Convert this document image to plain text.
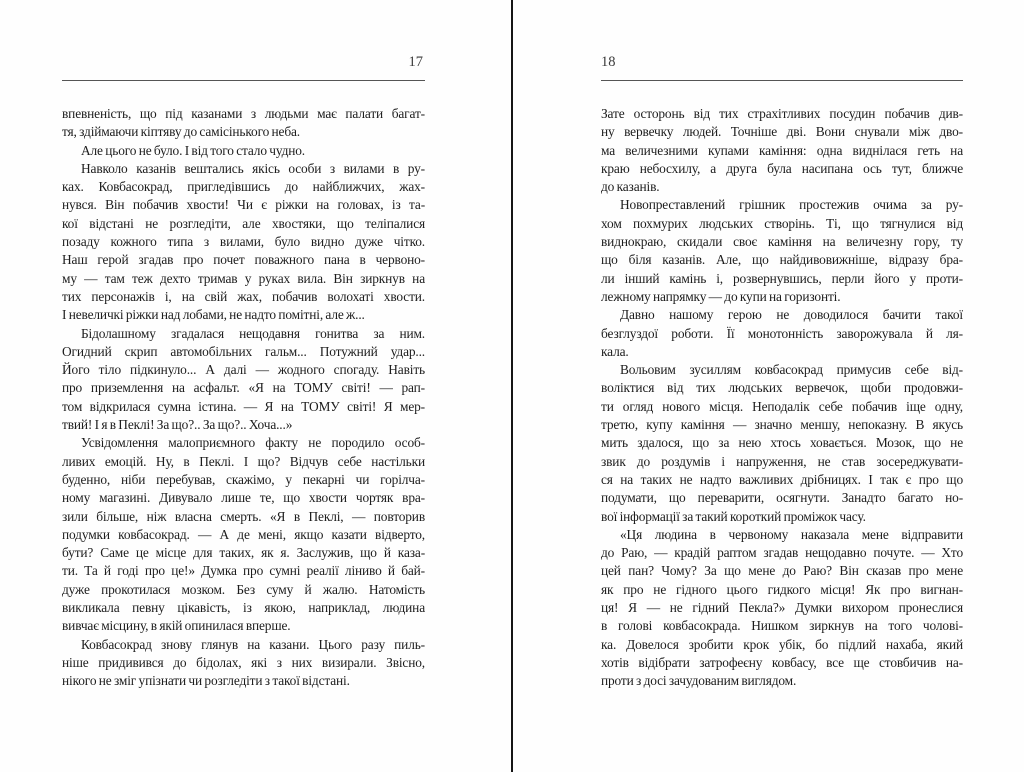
17
впевненість, що під казанами з людьми має палати багат-
тя, здіймаючи кіптяву до самісінького неба.
Але цього не було. І від того стало чудно.
Навколо казанів вештались якісь особи з вилами в ру-
ках. Ковбасокрад, пригледівшись до найближчих, жах-
нувся. Він побачив хвости! Чи є ріжки на головах, із та-
кої відстані не розгледіти, але хвостяки, що теліпалися
позаду кожного типа з вилами, було видно дуже чітко.
Наш герой згадав про почет поважного пана в червоно-
му — там теж дехто тримав у руках вила. Він зиркнув на
тих персонажів і, на свій жах, побачив волохаті хвости.
І невеличкі ріжки над лобами, не надто помітні, але ж...
Бідолашному згадалася нещодавня гонитва за ним.
Огидний скрип автомобільних гальм... Потужний удар...
Його тіло підкинуло... А далі — жодного спогаду. Навіть
про приземлення на асфальт. «Я на ТОМУ світі! — рап-
том відкрилася сумна істина. — Я на ТОМУ світі! Я мер-
твий! І я в Пеклі! За що?.. За що?.. Хоча...»
Усвідомлення малоприємного факту не породило особ-
ливих емоцій. Ну, в Пеклі. І що? Відчув себе настільки
буденно, ніби перебував, скажімо, у пекарні чи горілча-
ному магазині. Дивувало лише те, що хвости чортяк вра-
зили більше, ніж власна смерть. «Я в Пеклі, — повторив
подумки ковбасокрад. — А де мені, якщо казати відверто,
бути? Саме це місце для таких, як я. Заслужив, що й каза-
ти. Та й годі про це!» Думка про сумні реалії ліниво й бай-
дуже прокотилася мозком. Без суму й жалю. Натомість
викликала певну цікавість, із якою, наприклад, людина
вивчає місцину, в якій опинилася вперше.
Ковбасокрад знову глянув на казани. Цього разу пиль-
ніше придивився до бідолах, які з них визирали. Звісно,
нікого не зміг упізнати чи розгледіти з такої відстані.
18
Зате осторонь від тих страхітливих посудин побачив див-
ну вервечку людей. Точніше дві. Вони снували між дво-
ма величезними купами каміння: одна виднілася геть на
краю небосхилу, а друга була насипана ось тут, ближче
до казанів.
Новопреставлений грішник простежив очима за ру-
хом похмурих людських створінь. Ті, що тягнулися від
виднокраю, скидали своє каміння на величезну гору, ту
що біля казанів. Але, що найдивовижніше, відразу бра-
ли інший камінь і, розвернувшись, перли його у проти-
лежному напрямку — до купи на горизонті.
Давно нашому герою не доводилося бачити такої
безглуздої роботи. Її монотонність заворожувала й ля-
кала.
Вольовим зусиллям ковбасокрад примусив себе від-
воліктися від тих людських вервечок, щоби продовжи-
ти огляд нового місця. Неподалік себе побачив іще одну,
третю, купу каміння — значно меншу, непоказну. В якусь
мить здалося, що за нею хтось ховається. Мозок, що не
звик до роздумів і напруження, не став зосереджувати-
ся на таких не надто важливих дрібницях. І так є про що
подумати, що переварити, осягнути. Занадто багато но-
вої інформації за такий короткий проміжок часу.
«Ця людина в червоному наказала мене відправити
до Раю, — крадій раптом згадав нещодавно почуте. — Хто
цей пан? Чому? За що мене до Раю? Він сказав про мене
як про не гідного цього гидкого місця! Як про вигнан-
ця! Я — не гідний Пекла?» Думки вихором пронеслися
в голові ковбасокрада. Нишком зиркнув на того чолові-
ка. Довелося зробити крок убік, бо підлий нахаба, який
хотів відібрати затрофеєну ковбасу, все ще стовбичив на-
проти з досі зачудованим виглядом.
